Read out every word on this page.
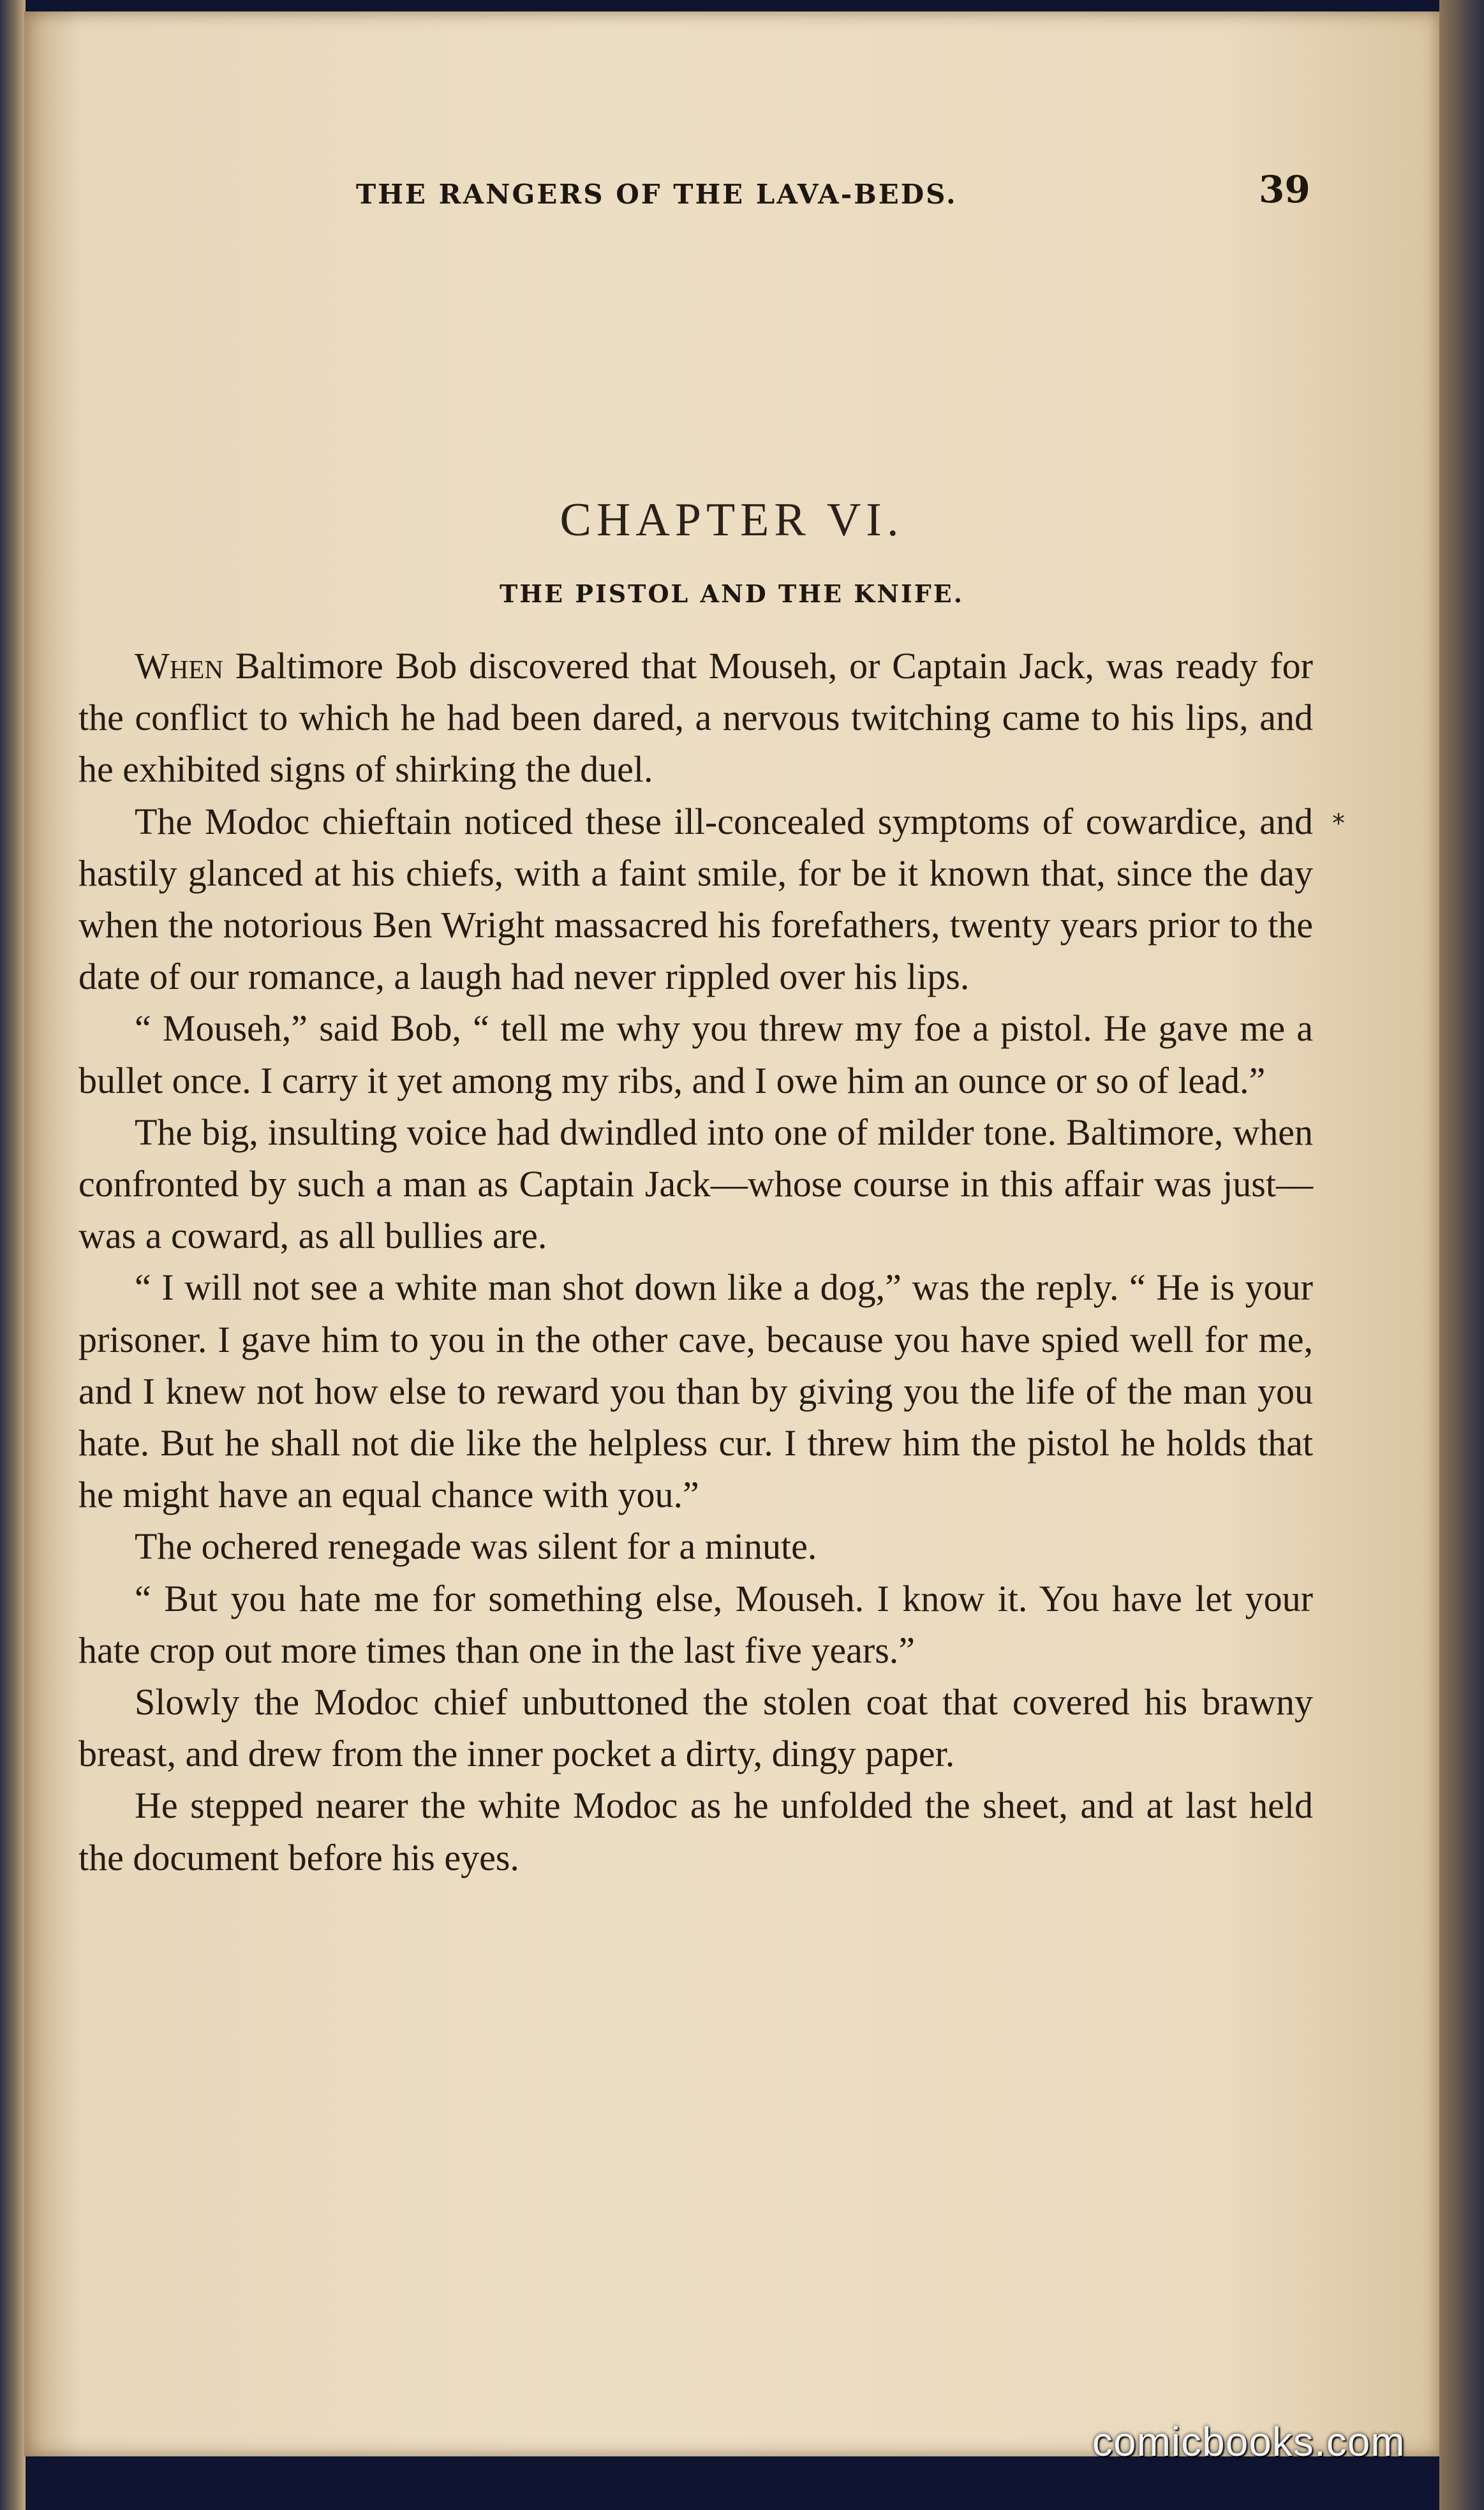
THE RANGERS OF THE LAVA-BEDS.	39
CHAPTER VI.
THE PISTOL AND THE KNIFE.
*

When Baltimore Bob discovered that Mouseh, or Captain Jack, was ready for the conflict to which he had been dared, a nervous twitching came to his lips, and he exhibited signs of shirking the duel.

The Modoc chieftain noticed these ill-concealed symptoms of cowardice, and hastily glanced at his chiefs, with a faint smile, for be it known that, since the day when the notorious Ben Wright massacred his forefathers, twenty years prior to the date of our romance, a laugh had never rippled over his lips.

“ Mouseh,” said Bob, “ tell me why you threw my foe a pistol. He gave me a bullet once. I carry it yet among my ribs, and I owe him an ounce or so of lead.”

The big, insulting voice had dwindled into one of milder tone. Baltimore, when confronted by such a man as Captain Jack—whose course in this affair was just—was a coward, as all bullies are.

“ I will not see a white man shot down like a dog,” was the reply. “ He is your prisoner. I gave him to you in the other cave, because you have spied well for me, and I knew not how else to reward you than by giving you the life of the man you hate. But he shall not die like the helpless cur. I threw him the pistol he holds that he might have an equal chance with you.”

The ochered renegade was silent for a minute.

“ But you hate me for something else, Mouseh. I know it. You have let your hate crop out more times than one in the last five years.”

Slowly the Modoc chief unbuttoned the stolen coat that covered his brawny breast, and drew from the inner pocket a dirty, dingy paper.

He stepped nearer the white Modoc as he unfolded the sheet, and at last held the document before his eyes.

comicbooks.com
